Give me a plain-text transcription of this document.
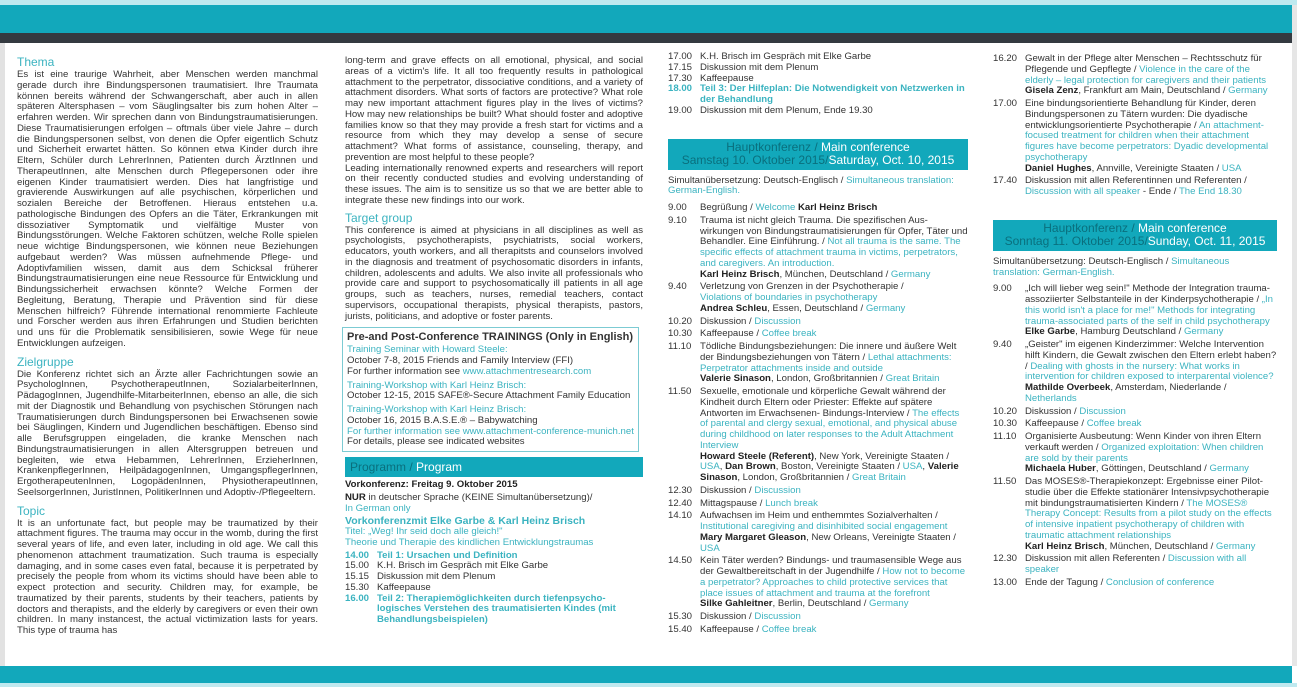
Thema

Es ist eine traurige Wahrheit, aber Menschen werden manchmal gerade durch ihre Bindungspersonen traumatisiert. Ihre Traumata können bereits während der Schwangerschaft, aber auch in allen späteren Altersphasen – vom Säuglingsalter bis zum hohen Alter – erfahren werden. Wir sprechen dann von Bindungstraumatisierungen. Diese Traumatisierungen erfolgen – oftmals über viele Jahre – durch die Bindungspersonen selbst, von denen die Opfer eigentlich Schutz und Sicherheit erwartet hätten. So können etwa Kinder durch ihre Eltern, Schüler durch LehrerInnen, Patienten durch ÄrztInnen und TherapeutInnen, alte Menschen durch Pflegepersonen oder ihre eigenen Kinder traumatisiert werden. Dies hat langfristige und gravierende Auswirkungen auf alle psychischen, körperlichen und sozialen Bereiche der Betroffenen. Hieraus entstehen u.a. pathologische Bindungen des Opfers an die Täter, Erkrankungen mit dissoziativer Symptomatik und vielfältige Muster von Bindungsstörungen. Welche Faktoren schützen, welche Rolle spielen neue wichtige Bindungspersonen, wie können neue Beziehungen aufgebaut werden? Was müssen aufnehmende Pflege- und Adoptivfamilien wissen, damit aus dem Schicksal früherer Bindungstraumatisierungen eine neue Ressource für Entwicklung und Bindungssicherheit erwachsen könnte? Welche Formen der Begleitung, Beratung, Therapie und Prävention sind für diese Menschen hilfreich? Führende international renommierte Fachleute und Forscher werden aus ihren Erfahrungen und Studien berichten und uns für die Problematik sensibilisieren, sowie Wege für neue Entwicklungen aufzeigen.

Zielgruppe

Die Konferenz richtet sich an Ärzte aller Fachrichtungen sowie an PsychologInnen, PsychotherapeutInnen, SozialarbeiterInnen, PädagogInnen, Jugendhilfe-MitarbeiterInnen, ebenso an alle, die sich mit der Diagnostik und Behandlung von psychischen Störungen nach Traumatisierungen durch Bindungspersonen bei Erwachsenen sowie bei Säuglingen, Kindern und Jugendlichen beschäftigen. Ebenso sind alle Berufsgruppen eingeladen, die kranke Menschen nach Bindungstraumatisierungen in allen Altersgruppen betreuen und begleiten, wie etwa Hebammen, LehrerInnen, ErzieherInnen, KrankenpflegerInnen, HeilpädagogenInnen, UmgangspflegerInnen, ErgotherapeutenInnen, LogopädenInnen, PhysiotherapeutInnen, SeelsorgerInnen, JuristInnen, PolitikerInnen und Adoptiv-/Pflegeeltern.

Topic

It is an unfortunate fact, but people may be traumatized by their attachment figures. The trauma may occur in the womb, during the first several years of life, and even later, including in old age. We call this phenomenon attachment traumatization. Such trauma is especially damaging, and in some cases even fatal, because it is perpetrated by precisely the people from whom its victims should have been able to expect protection and security. Children may, for example, be traumatized by their parents, students by their teachers, patients by doctors and therapists, and the elderly by caregivers or even their own children. In many instancest, the actual victimization lasts for years. This type of trauma has

long-term and grave effects on all emotional, physical, and social areas of a victim's life. It all too frequently results in pathological attachment to the perpetrator, dissociative conditions, and a variety of attachment disorders. What sorts of factors are protective? What role may new important attachment figures play in the lives of victims? How may new relationships be built? What should foster and adoptive families know so that they may provide a fresh start for victims and a resource from which they may develop a sense of secure attachment? What forms of assistance, counseling, therapy, and prevention are most helpful to these people?

Leading internationally renowned experts and researchers will report on their recently conducted studies and evolving understanding of these issues. The aim is to sensitize us so that we are better able to integrate these new findings into our work.

Target group

This conference is aimed at physicians in all disciplines as well as psychologists, psychotherapists, psychiatrists, social workers, educators, youth workers, and all therapitsts and counselors involved in the diagnosis and treatment of psychosomatic disorders in infants, children, adolescents and adults. We also invite all professionals who provide care and support to psychosomatically ill patients in all age groups, such as teachers, nurses, remedial teachers, contact supervisors, occupational therapists, physical therapists, pastors, jurists, politicians, and adoptive or foster parents.

Pre-and Post-Conference TRAININGS (Only in English)
Training Seminar with Howard Steele:
October 7-8, 2015 Friends and Family Interview (FFI)
For further information see www.attachmentresearch.com
Training-Workshop with Karl Heinz Brisch:
October 12-15, 2015 SAFE®-Secure Attachment Family Education
Training-Workshop with Karl Heinz Brisch:
October 16, 2015 B.A.S.E.® – Babywatching
For further information see www.attachment-conference-munich.net
For details, please see indicated websites
Programm / Program
Vorkonferenz: Freitag 9. Oktober 2015
NUR in deutscher Sprache (KEINE Simultanübersetzung)/
In German only
Vorkonferenzmit Elke Garbe & Karl Heinz Brisch
Titel: „Weg! Ihr seid doch alle gleich!"
Theorie und Therapie des kindlichen Entwicklungstraumas
14.00 Teil 1: Ursachen und Definition
15.00 K.H. Brisch im Gespräch mit Elke Garbe
15.15 Diskussion mit dem Plenum
15.30 Kaffeepause
16.00 Teil 2: Therapiemöglichkeiten durch tiefenpsychologisches Verstehen des traumatisierten Kindes (mit Behandlungsbeispielen)
17.00 K.H. Brisch im Gespräch mit Elke Garbe
17.15 Diskussion mit dem Plenum
17.30 Kaffeepause
18.00 Teil 3: Der Hilfeplan: Die Notwendigkeit von Netzwerken in der Behandlung
19.00 Diskussion mit dem Plenum, Ende 19.30
Hauptkonferenz / Main conference
Samstag 10. Oktober 2015/Saturday, Oct. 10, 2015
Simultanübersetzung: Deutsch-Englisch / Simultaneous translation: German-English.
9.00	Begrüßung / Welcome Karl Heinz Brisch
9.10	Trauma ist nicht gleich Trauma. Die spezifischen Auswirkungen von Bindungstraumatisierungen für Opfer, Täter und Behandler. Eine Einführung. / Not all trauma is the same. The specific effects of attachment trauma in victims, perpetrators, and caregivers. An introduction.
Karl Heinz Brisch, München, Deutschland / Germany
9.40	Verletzung von Grenzen in der Psychotherapie /
Violations of boundaries in psychotherapy
Andrea Schleu, Essen, Deutschland / Germany
10.20 Diskussion / Discussion
10.30 Kaffeepause / Coffee break
11.10 Tödliche Bindungsbeziehungen: Die innere und äußere Welt der Bindungsbeziehungen von Tätern / Lethal attachments: Perpetrator attachments inside and outside
Valerie Sinason, London, Großbritannien / Great Britain
11.50 Sexuelle, emotionale und körperliche Gewalt während der Kindheit durch Eltern oder Priester: Effekte auf spätere Antworten im Erwachsenen- Bindungs-Interview / The effects of parental and clergy sexual, emotional, and physical abuse during childhood on later responses to the Adult Attachment Interview
Howard Steele (Referent), New York, Vereinigte Staaten / USA, Dan Brown, Boston, Vereinigte Staaten / USA, Valerie Sinason, London, Großbritannien / Great Britain
12.30 Diskussion / Discussion
12.40 Mittagspause / Lunch break
14.10 Aufwachsen im Heim und enthemmtes Sozialverhalten / Institutional caregiving and disinhibited social engagement
Mary Margaret Gleason, New Orleans, Vereinigte Staaten / USA
14.50 Kein Täter werden? Bindungs- und traumasensible Wege aus der Gewaltbereitschaft in der Jugendhilfe / How not to become a perpetrator? Approaches to child protective services that place issues of attachment and trauma at the forefront
Silke Gahleitner, Berlin, Deutschland / Germany
15.30 Diskussion / Discussion
15.40 Kaffeepause / Coffee break
16.20 Gewalt in der Pflege alter Menschen – Rechtsschutz für Pflegende und Gepflegte / Violence in the care of the elderly – legal protection for caregivers and their patients
Gisela Zenz, Frankfurt am Main, Deutschland / Germany
17.00 Eine bindungsorientierte Behandlung für Kinder, deren Bindungspersonen zu Tätern wurden: Die dyadische entwicklungsorientierte Psychotherapie / An attachment-focused treatment for children when their attachment figures have become perpetrators: Dyadic developmental psychotherapy
Daniel Hughes, Annville, Vereinigte Staaten / USA
17.40 Diskussion mit allen Referentinnen und Referenten / Discussion with all speaker - Ende / The End 18.30
Hauptkonferenz / Main conference
Sonntag 11. Oktober 2015/Sunday, Oct. 11, 2015
Simultanübersetzung: Deutsch-Englisch / Simultaneous translation: German-English.
9.00	„Ich will lieber weg sein!" Methode der Integration trauma-assoziierter Selbstanteile in der Kinderpsychotherapie / „In this world isn't a place for me!" Methods for integrating trauma-associated parts of the self in child psychotherapy
Elke Garbe, Hamburg Deutschland / Germany
9.40	„Geister" im eigenen Kinderzimmer: Welche Intervention hilft Kindern, die Gewalt zwischen den Eltern erlebt haben? / Dealing with ghosts in the nursery: What works in intervention for children exposed to interparental violence?
Mathilde Overbeek, Amsterdam, Niederlande / Netherlands
10.20 Diskussion / Discussion
10.30 Kaffeepause / Coffee break
11.10 Organisierte Ausbeutung: Wenn Kinder von ihren Eltern verkauft werden / Organized exploitation: When children are sold by their parents
Michaela Huber, Göttingen, Deutschland / Germany
11.50 Das MOSES®-Therapiekonzept: Ergebnisse einer Pilotstudie über die Effekte stationärer Intensivpsychotherapie mit bindungstraumatisierten Kindern / The MOSES® Therapy Concept: Results from a pilot study on the effects of intensive inpatient psychotherapy of children with traumatic attachment relationships
Karl Heinz Brisch, München, Deutschland / Germany
12.30 Diskussion mit allen Referenten / Discussion with all speaker
13.00 Ende der Tagung / Conclusion of conference
